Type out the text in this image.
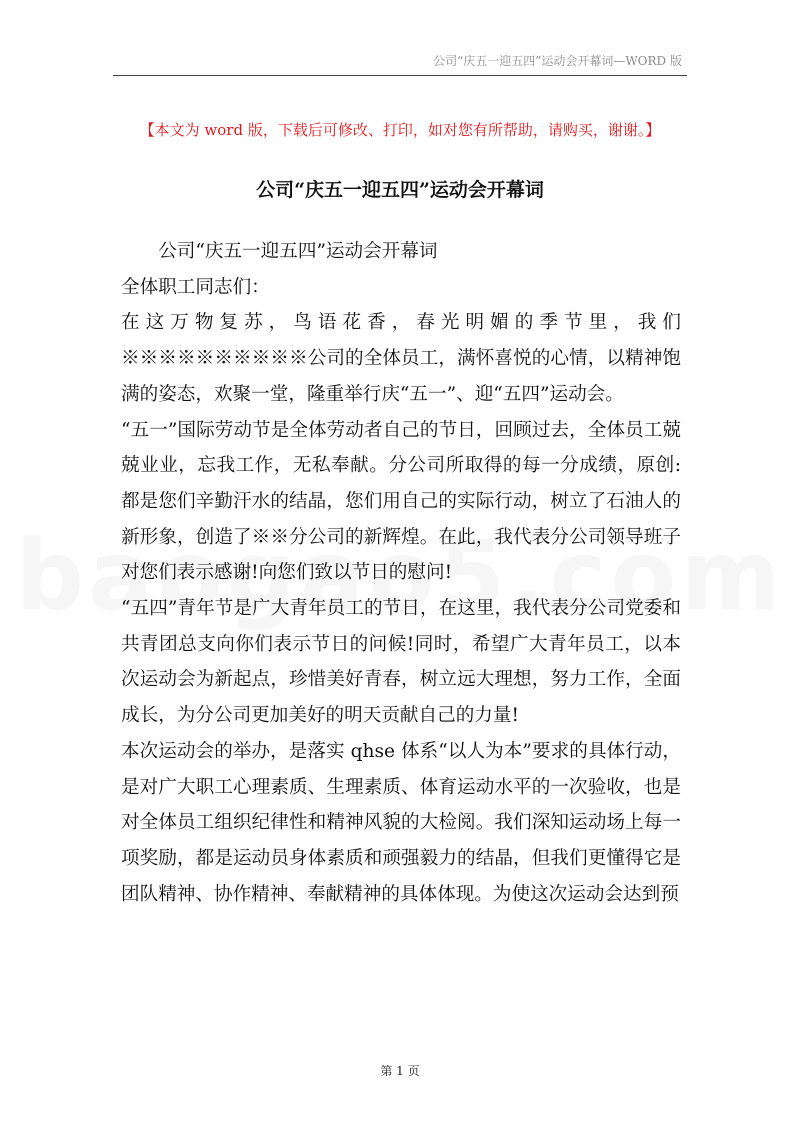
公司“庆五一迎五四”运动会开幕词—WORD 版
【本文为 word 版，下载后可修改、打印，如对您有所帮助，请购买，谢谢。】
公司“庆五一迎五四”运动会开幕词

公司“庆五一迎五四”运动会开幕词

全体职工同志们：

在这万物复苏，鸟语花香，春光明媚的季节里，我们※※※※※※※※※※公司的全体员工，满怀喜悦的心情，以精神饱满的姿态，欢聚一堂，隆重举行庆“五一”、迎“五四”运动会。

“五一”国际劳动节是全体劳动者自己的节日，回顾过去，全体员工兢兢业业，忘我工作，无私奉献。分公司所取得的每一分成绩，原创:都是您们辛勤汗水的结晶，您们用自己的实际行动，树立了石油人的新形象，创造了※※分公司的新辉煌。在此，我代表分公司领导班子对您们表示感谢!向您们致以节日的慰问!

“五四”青年节是广大青年员工的节日，在这里，我代表分公司党委和共青团总支向你们表示节日的问候!同时，希望广大青年员工，以本次运动会为新起点，珍惜美好青春，树立远大理想，努力工作，全面成长，为分公司更加美好的明天贡献自己的力量!

本次运动会的举办，是落实 qhse 体系“以人为本”要求的具体行动，是对广大职工心理素质、生理素质、体育运动水平的一次验收，也是对全体员工组织纪律性和精神风貌的大检阅。我们深知运动场上每一项奖励，都是运动员身体素质和顽强毅力的结晶，但我们更懂得它是团队精神、协作精神、奉献精神的具体体现。为使这次运动会达到预

第 1 页
